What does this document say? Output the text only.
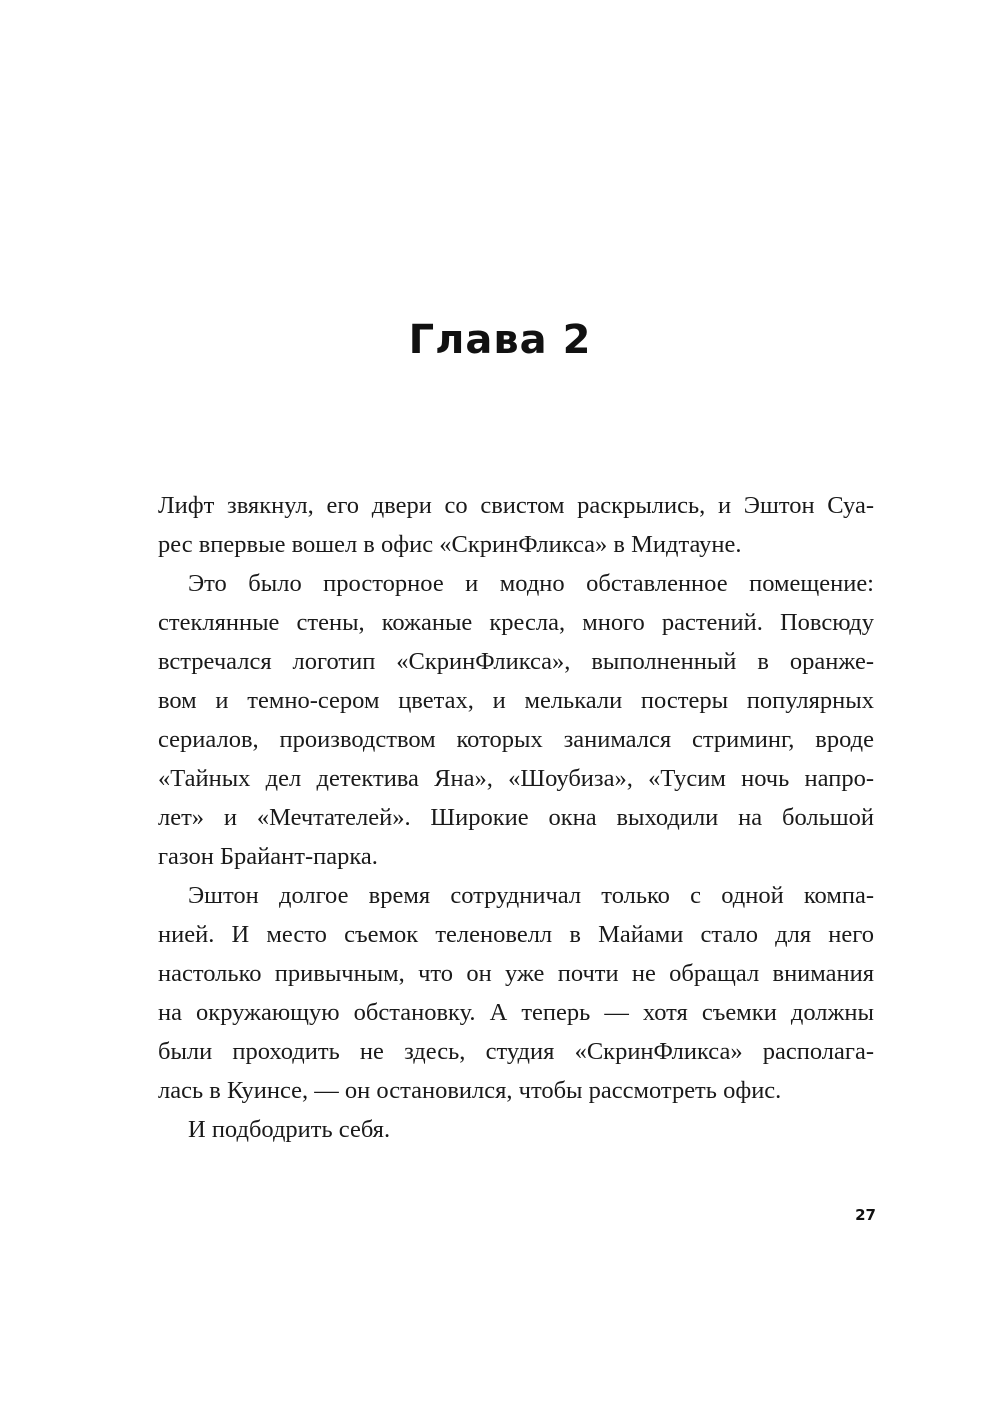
Глава 2
Лифт звякнул, его двери со свистом раскрылись, и Эштон Суа-
рес впервые вошел в офис «СкринФликса» в Мидтауне.
Это было просторное и модно обставленное помещение:
стеклянные стены, кожаные кресла, много растений. Повсюду
встречался логотип «СкринФликса», выполненный в оранже-
вом и темно-сером цветах, и мелькали постеры популярных
сериалов, производством которых занимался стриминг, вроде
«Тайных дел детектива Яна», «Шоубиза», «Тусим ночь напро-
лет» и «Мечтателей». Широкие окна выходили на большой
газон Брайант-парка.
Эштон долгое время сотрудничал только с одной компа-
нией. И место съемок теленовелл в Майами стало для него
настолько привычным, что он уже почти не обращал внимания
на окружающую обстановку. А теперь — хотя съемки должны
были проходить не здесь, студия «СкринФликса» располага-
лась в Куинсе, — он остановился, чтобы рассмотреть офис.
И подбодрить себя.
27
